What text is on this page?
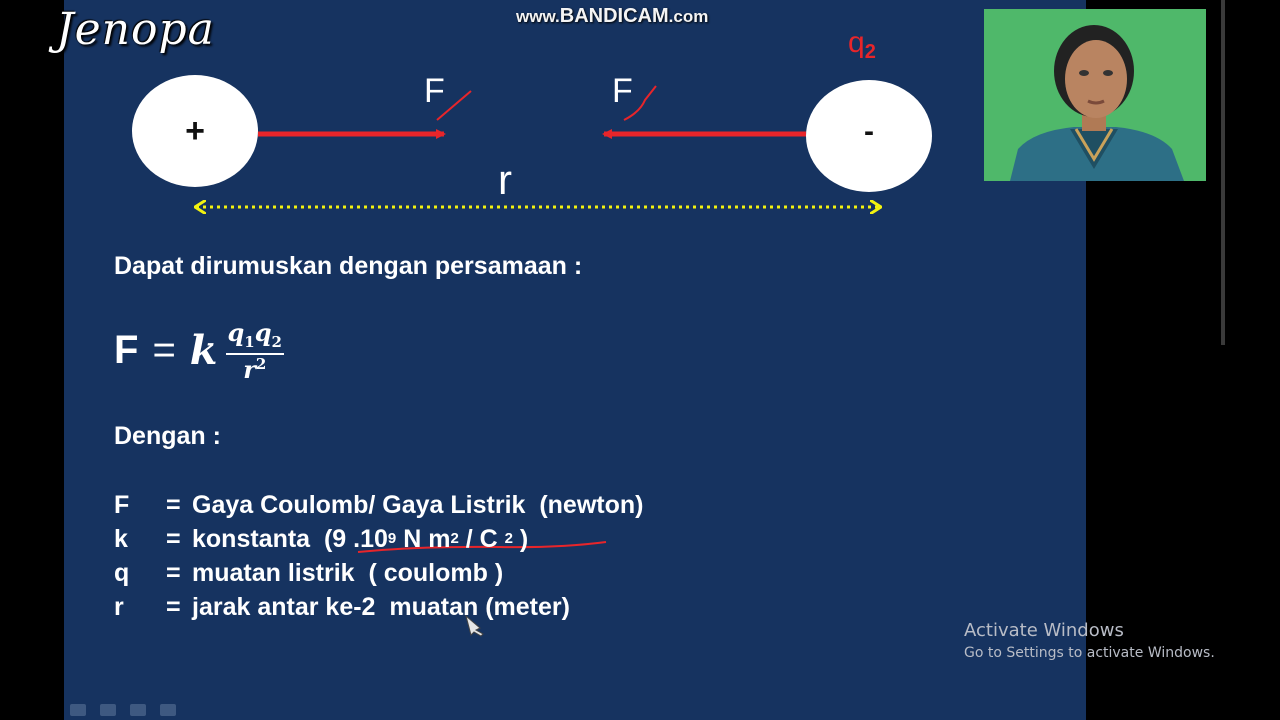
Jenopa	www.BANDICAM.com
+	-
F	F
r
$q_2$
Dapat dirumuskan dengan persamaan :
F = k $\frac{q_1q_2}{r^2}$
Dengan :
F	= Gaya Coulomb/ Gaya Listrik  (newton)
k	= konstanta  (9 .10 9 N m 2 / C 2 )
q	= muatan listrik  ( coulomb )
r	= jarak antar ke-2  muatan (meter)
Activate Windows
Go to Settings to activate Windows.
